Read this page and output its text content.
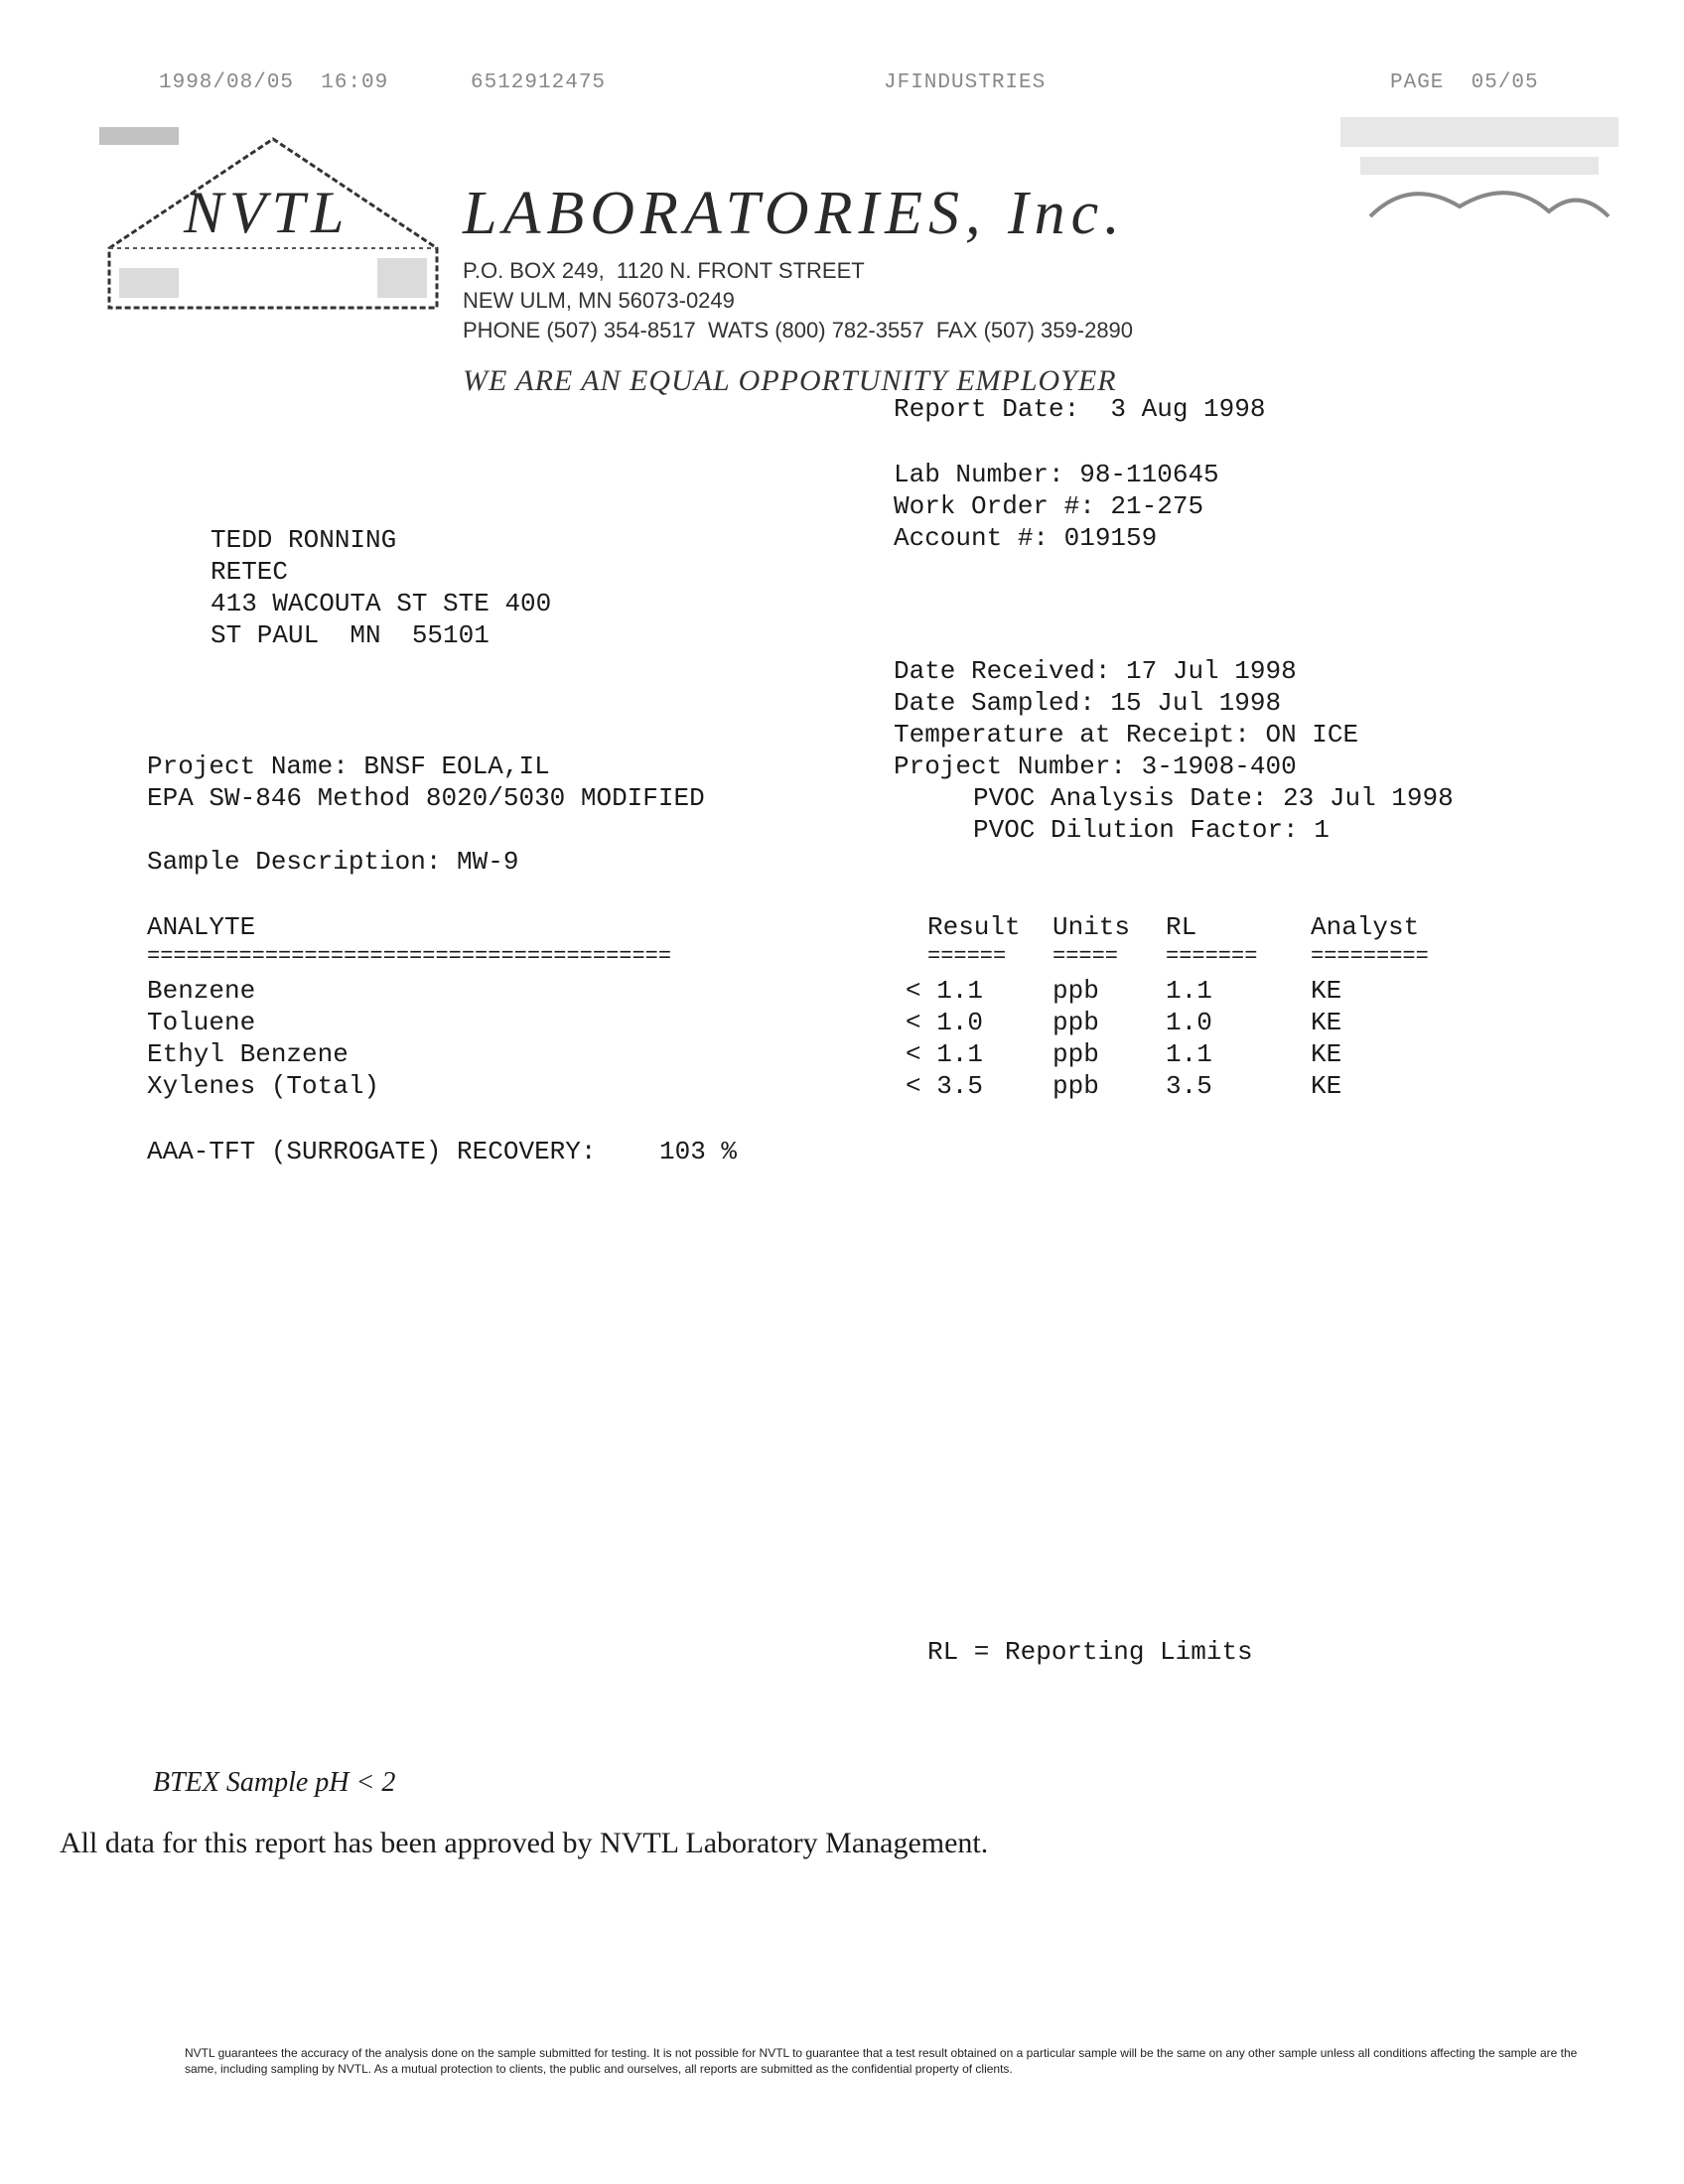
1998/08/05  16:09	6512912475	JFINDUSTRIES	PAGE  05/05
NVTL LABORATORIES, Inc.
P.O. BOX 249,  1120 N. FRONT STREET
NEW ULM, MN 56073-0249
PHONE (507) 354-8517  WATS (800) 782-3557  FAX (507) 359-2890
WE ARE AN EQUAL OPPORTUNITY EMPLOYER
Report Date:  3 Aug 1998
Lab Number: 98-110645
Work Order #: 21-275
Account #: 019159
TEDD RONNING
RETEC
413 WACOUTA ST STE 400
ST PAUL  MN  55101
Date Received: 17 Jul 1998
Date Sampled: 15 Jul 1998
Temperature at Receipt: ON ICE
Project Number: 3-1908-400
PVOC Analysis Date: 23 Jul 1998
PVOC Dilution Factor: 1
Project Name: BNSF EOLA,IL
EPA SW-846 Method 8020/5030 MODIFIED
Sample Description: MW-9
ANALYTE	Result Units RL	Analyst
========================================	====== ===== ======= =========
Benzene	< 1.1	ppb	1.1	KE
Toluene	< 1.0	ppb	1.0	KE
Ethyl Benzene	< 1.1	ppb	1.1	KE
Xylenes (Total)	< 3.5	ppb	3.5	KE
AAA-TFT (SURROGATE) RECOVERY: 103 %
RL = Reporting Limits
BTEX Sample pH < 2
All data for this report has been approved by NVTL Laboratory Management.
NVTL guarantees the accuracy of the analysis done on the sample submitted for testing. It is not possible for NVTL to guarantee that a test result obtained on a particular sample will be the same on any other sample unless all conditions affecting the sample are the same, including sampling by NVTL. As a mutual protection to clients, the public and ourselves, all reports are submitted as the confidential property of clients.
